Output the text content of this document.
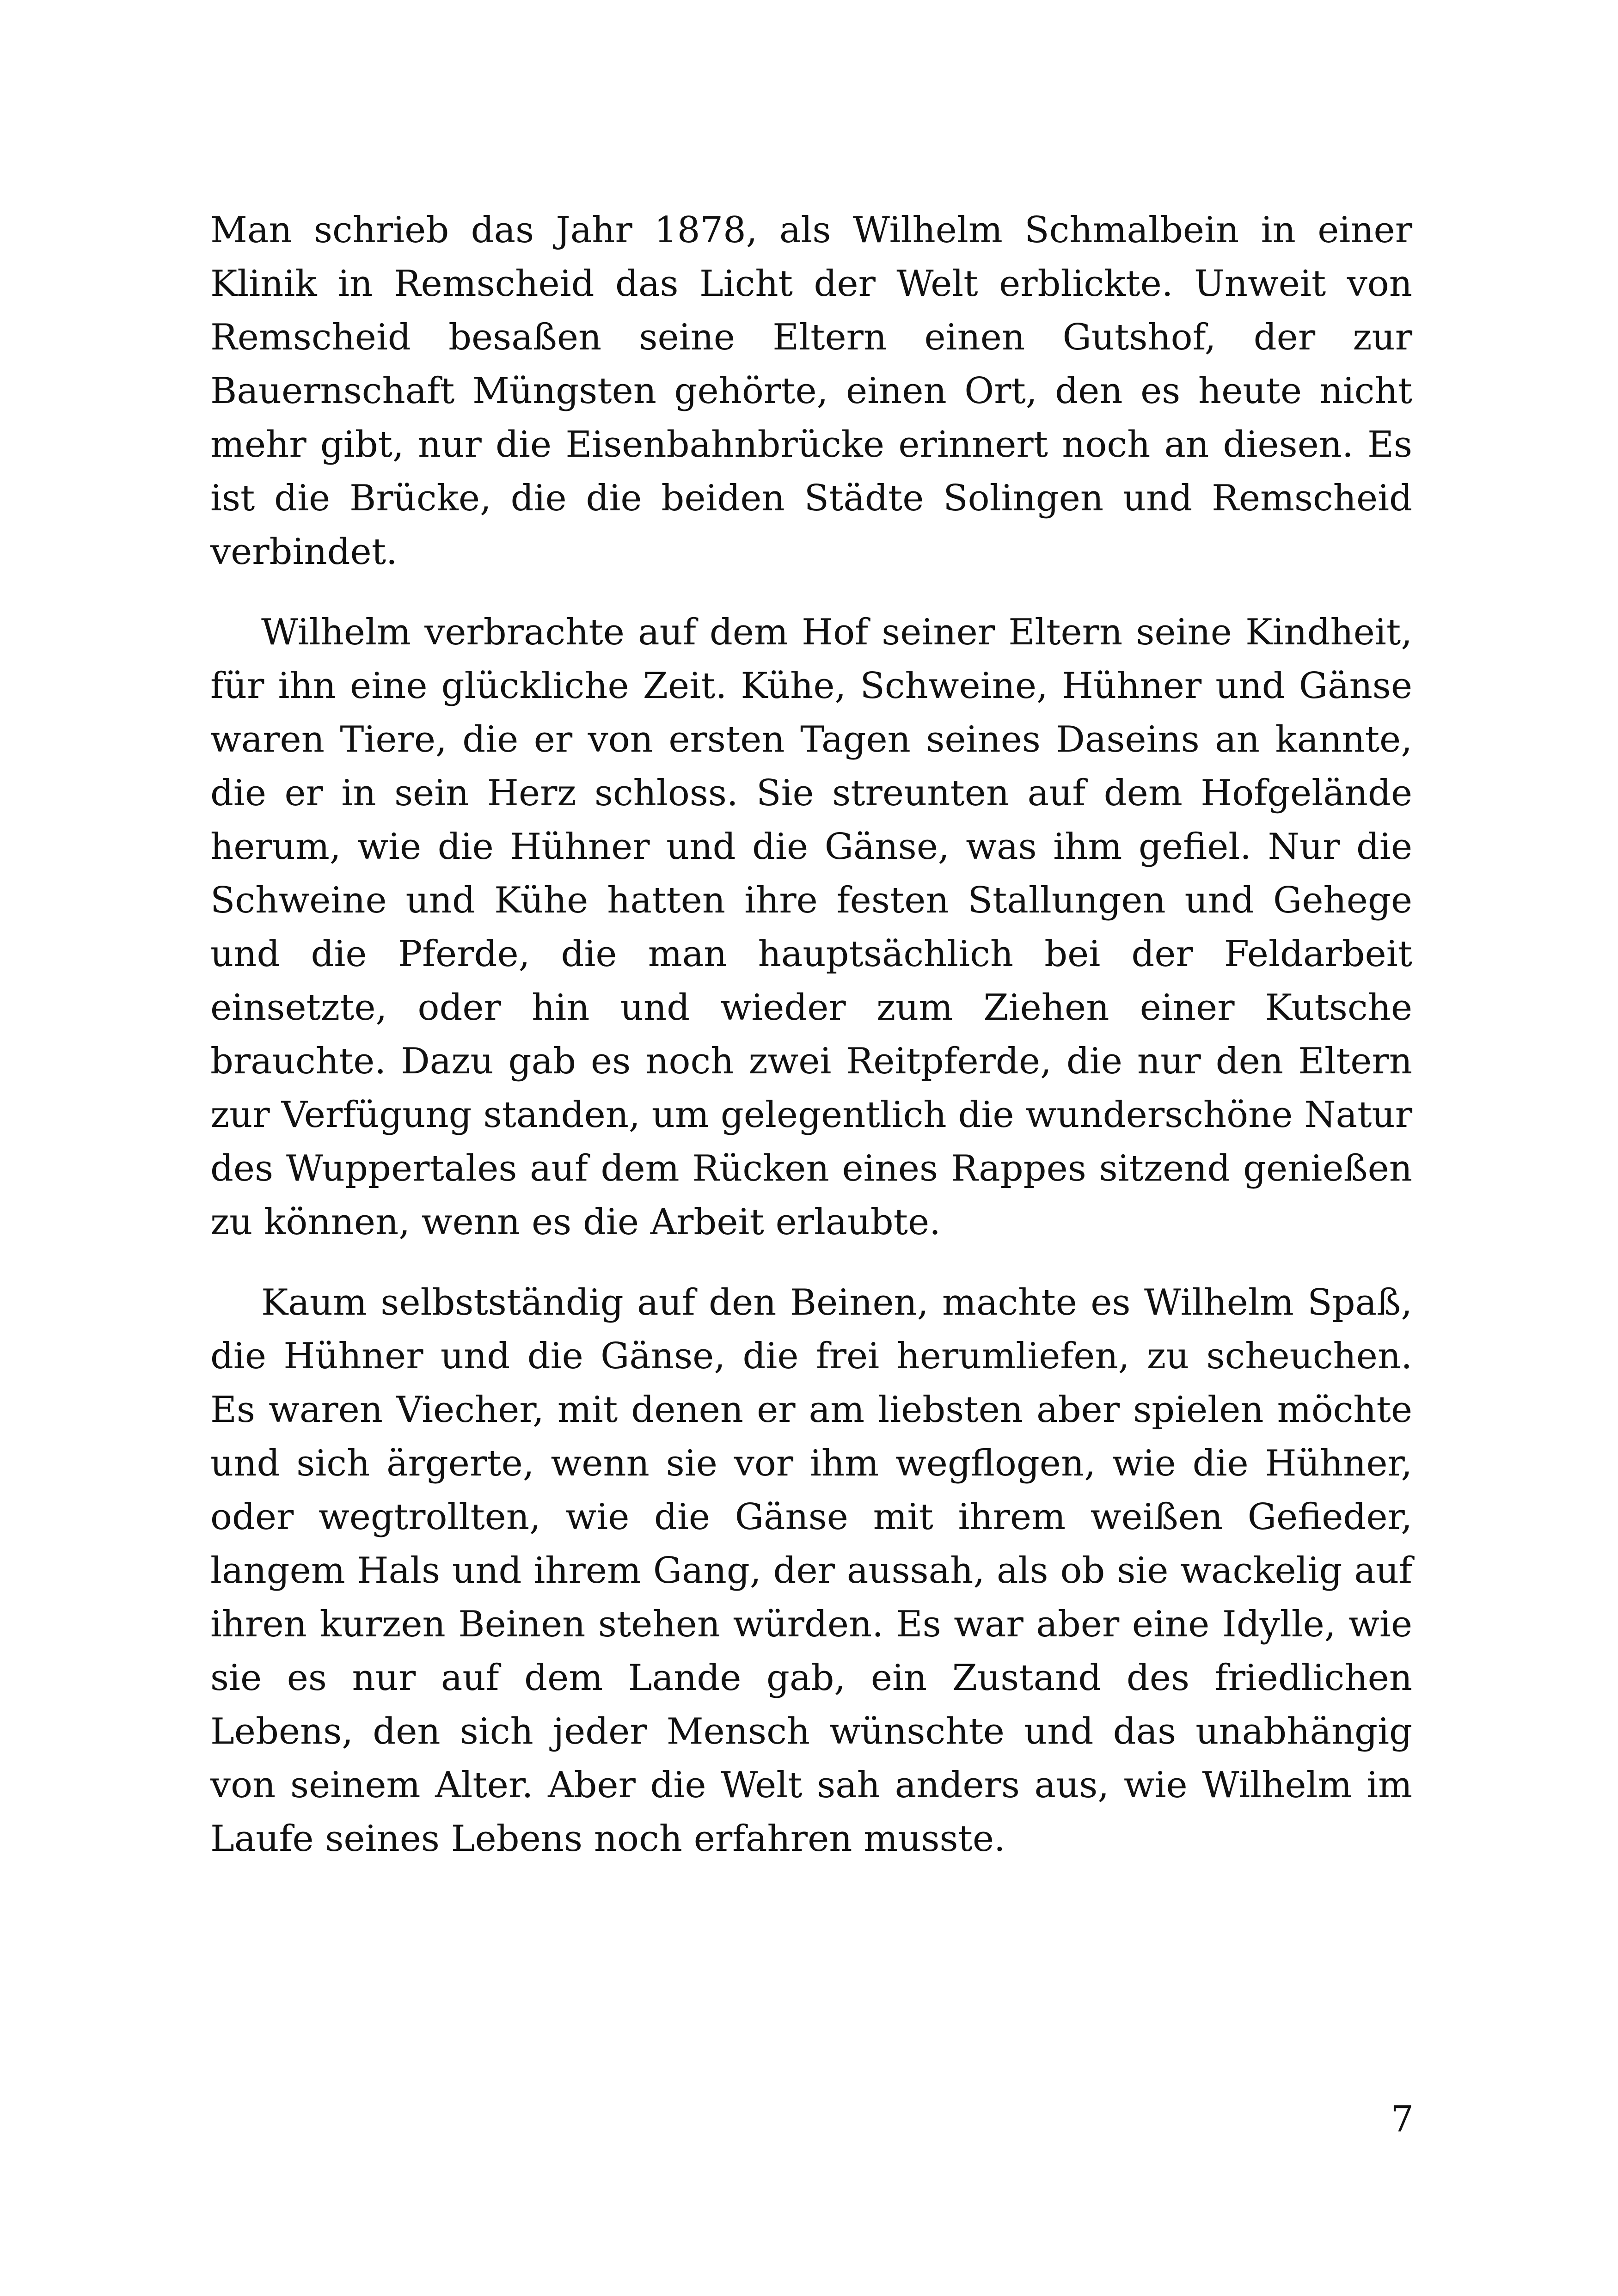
Man schrieb das Jahr 1878, als Wilhelm Schmalbein in einer Klinik in Remscheid das Licht der Welt erblickte. Unweit von Remscheid besaßen seine Eltern einen Gutshof, der zur Bauernschaft Müngsten gehörte, einen Ort, den es heute nicht mehr gibt, nur die Eisenbahnbrücke erinnert noch an diesen. Es ist die Brücke, die die beiden Städte Solingen und Remscheid verbindet.

Wilhelm verbrachte auf dem Hof seiner Eltern seine Kindheit, für ihn eine glückliche Zeit. Kühe, Schweine, Hühner und Gänse waren Tiere, die er von ersten Tagen seines Daseins an kannte, die er in sein Herz schloss. Sie streunten auf dem Hofgelände herum, wie die Hühner und die Gänse, was ihm gefiel. Nur die Schweine und Kühe hatten ihre festen Stallungen und Gehege und die Pferde, die man hauptsächlich bei der Feldarbeit einsetzte, oder hin und wieder zum Ziehen einer Kutsche brauchte. Dazu gab es noch zwei Reitpferde, die nur den Eltern zur Verfügung standen, um gelegentlich die wunderschöne Natur des Wuppertales auf dem Rücken eines Rappes sitzend genießen zu können, wenn es die Arbeit erlaubte.

Kaum selbstständig auf den Beinen, machte es Wilhelm Spaß, die Hühner und die Gänse, die frei herumliefen, zu scheuchen. Es waren Viecher, mit denen er am liebsten aber spielen möchte und sich ärgerte, wenn sie vor ihm wegflogen, wie die Hühner, oder wegtrollten, wie die Gänse mit ihrem weißen Gefieder, langem Hals und ihrem Gang, der aussah, als ob sie wackelig auf ihren kurzen Beinen stehen würden. Es war aber eine Idylle, wie sie es nur auf dem Lande gab, ein Zustand des friedlichen Lebens, den sich jeder Mensch wünschte und das unabhängig von seinem Alter. Aber die Welt sah anders aus, wie Wilhelm im Laufe seines Lebens noch erfahren musste.

7
